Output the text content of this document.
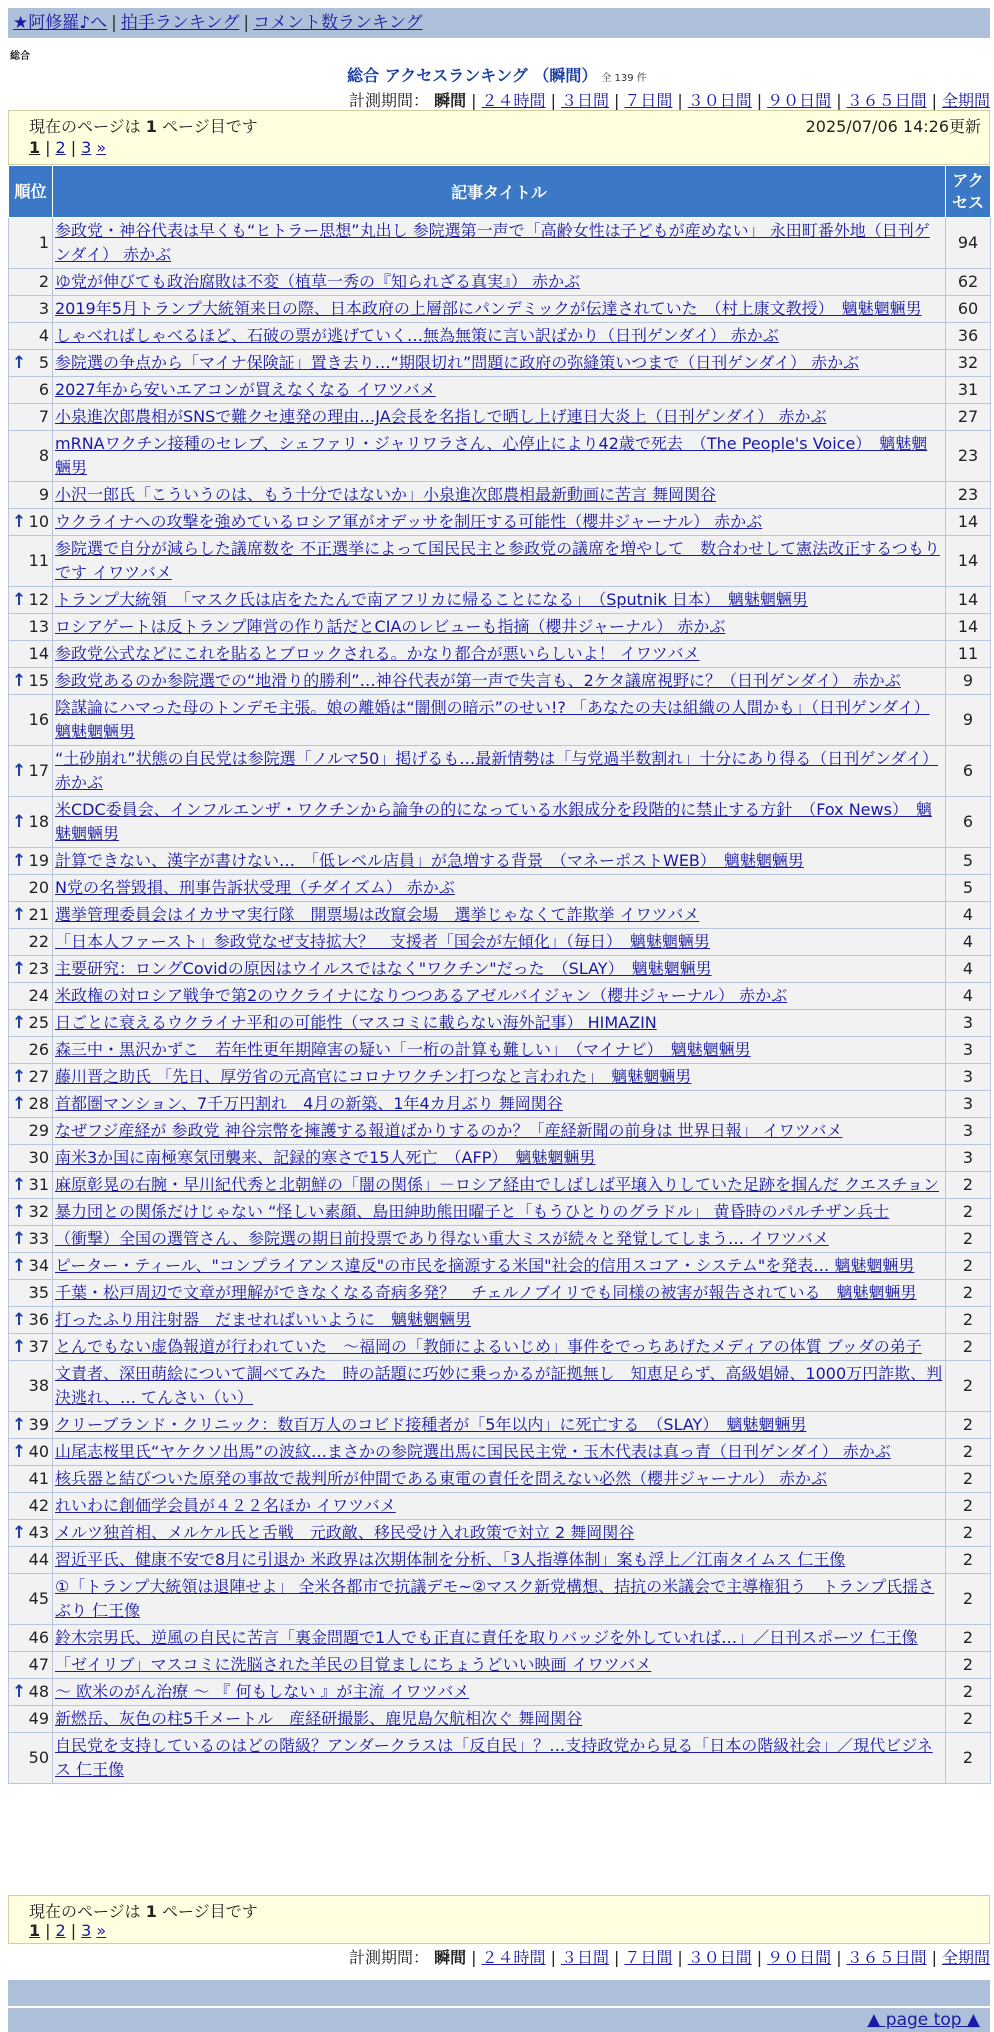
★阿修羅♪へ | 拍手ランキング | コメント数ランキング
総合
総合 アクセスランキング （瞬間） 全 139 件
計測期間： 瞬間 | ２４時間 | ３日間 | ７日間 | ３０日間 | ９０日間 | ３６５日間 | 全期間
現在のページは 1 ページ目です	2025/07/06 14:26更新
1 | 2 | 3 »
順位	記事タイトル	アクセス
1	参政党・神谷代表は早くも“ヒトラー思想”丸出し 参院選第一声で「高齢女性は子どもが産めない」 永田町番外地（日刊ゲンダイ） 赤かぶ	94
2	ゆ党が伸びても政治腐敗は不変（植草一秀の『知られざる真実』） 赤かぶ	62
3	2019年5月トランプ大統領来日の際、日本政府の上層部にパンデミックが伝達されていた　（村上康文教授）　魑魅魍魎男	60
4	しゃべればしゃべるほど、石破の票が逃げていく…無為無策に言い訳ばかり（日刊ゲンダイ） 赤かぶ	36

↑ 5	参院選の争点から「マイナ保険証」置き去り…“期限切れ”問題に政府の弥縫策いつまで（日刊ゲンダイ） 赤かぶ	32
6	2027年から安いエアコンが買えなくなる イワツバメ	31
7	小泉進次郎農相がSNSで難クセ連発の理由…JA会長を名指しで晒し上げ連日大炎上（日刊ゲンダイ） 赤かぶ	27
8	mRNAワクチン接種のセレブ、シェファリ・ジャリワラさん、心停止により42歳で死去　（The People's Voice）　魑魅魍魎男	23
9	小沢一郎氏「こういうのは、もう十分ではないか」小泉進次郎農相最新動画に苦言 舞岡関谷	23

↑ 10	ウクライナへの攻撃を強めているロシア軍がオデッサを制圧する可能性（櫻井ジャーナル） 赤かぶ	14
11	参院選で自分が減らした議席数を 不正選挙によって国民民主と参政党の議席を増やして　数合わせして憲法改正するつもりです イワツバメ	14

↑ 12	トランプ大統領　「マスク氏は店をたたんで南アフリカに帰ることになる」　（Sputnik 日本）　魑魅魍魎男	14
13	ロシアゲートは反トランプ陣営の作り話だとCIAのレビューも指摘（櫻井ジャーナル） 赤かぶ	14
14	参政党公式などにこれを貼るとブロックされる。かなり都合が悪いらしいよ！ イワツバメ	11

↑ 15	参政党あるのか参院選での“地滑り的勝利”…神谷代表が第一声で失言も、2ケタ議席視野に？（日刊ゲンダイ） 赤かぶ	9
16	陰謀論にハマった母のトンデモ主張。娘の離婚は“闇側の暗示”のせい!? 「あなたの夫は組織の人間かも」（日刊ゲンダイ） 魑魅魍魎男	9

↑ 17	“土砂崩れ”状態の自民党は参院選「ノルマ50」掲げるも…最新情勢は「与党過半数割れ」十分にあり得る（日刊ゲンダイ） 赤かぶ	6

↑ 18	米CDC委員会、インフルエンザ・ワクチンから論争の的になっている水銀成分を段階的に禁止する方針　（Fox News）　魑魅魍魎男	6

↑ 19	計算できない、漢字が書けない…　「低レベル店員」が急増する背景　（マネーポストWEB）　魑魅魍魎男	5
20	N党の名誉毀損、刑事告訴状受理（チダイズム） 赤かぶ	5

↑ 21	選挙管理委員会はイカサマ実行隊　開票場は改竄会場　選挙じゃなくて詐欺挙 イワツバメ	4
22	「日本人ファースト」参政党なぜ支持拡大？　支援者「国会が左傾化」（毎日）　魑魅魍魎男	4

↑ 23	主要研究：ロングCovidの原因はウイルスではなく"ワクチン"だった　（SLAY）　魑魅魍魎男	4
24	米政権の対ロシア戦争で第2のウクライナになりつつあるアゼルバイジャン（櫻井ジャーナル） 赤かぶ	4

↑ 25	日ごとに衰えるウクライナ平和の可能性（マスコミに載らない海外記事） HIMAZIN	3
26	森三中・黒沢かずこ　若年性更年期障害の疑い「一桁の計算も難しい」　（マイナビ）　魑魅魍魎男	3

↑ 27	藤川晋之助氏 「先日、厚労省の元高官にコロナワクチン打つなと言われた」　魑魅魍魎男	3

↑ 28	首都圏マンション、7千万円割れ　4月の新築、1年4カ月ぶり 舞岡関谷	3
29	なぜフジ産経が 参政党 神谷宗幣を擁護する報道ばかりするのか？「産経新聞の前身は 世界日報」 イワツバメ	3
30	南米3か国に南極寒気団襲来、記録的寒さで15人死亡　（AFP）　魑魅魍魎男	3

↑ 31	麻原彰晃の右腕・早川紀代秀と北朝鮮の「闇の関係」－ロシア経由でしばしば平壌入りしていた足跡を掴んだ クエスチョン	2

↑ 32	暴力団との関係だけじゃない “怪しい素顔、島田紳助熊田曜子と「もうひとりのグラドル」 黄昏時のパルチザン兵士	2

↑ 33	（衝撃）全国の選管さん、参院選の期日前投票であり得ない重大ミスが続々と発覚してしまう… イワツバメ	2

↑ 34	ピーター・ティール、"コンプライアンス違反"の市民を摘源する米国"社会的信用スコア・システム"を発表… 魑魅魍魎男	2
35	千葉・松戸周辺で文章が理解ができなくなる奇病多発？　チェルノブイリでも同様の被害が報告されている　魑魅魍魎男	2

↑ 36	打ったふり用注射器　だませればいいように　魑魅魍魎男	2

↑ 37	とんでもない虚偽報道が行われていた　～福岡の「教師によるいじめ」事件をでっちあげたメディアの体質 ブッダの弟子	2
38	文責者、深田萌絵について調べてみた　時の話題に巧妙に乗っかるが証拠無し　知恵足らず、高級娼婦、1000万円詐欺、判決逃れ、… てんさい（い）	2

↑ 39	クリーブランド・クリニック：数百万人のコビド接種者が「5年以内」に死亡する　（SLAY）　魑魅魍魎男	2

↑ 40	山尾志桜里氏“ヤケクソ出馬”の波紋…まさかの参院選出馬に国民民主党・玉木代表は真っ青（日刊ゲンダイ） 赤かぶ	2
41	核兵器と結びついた原発の事故で裁判所が仲間である東電の責任を問えない必然（櫻井ジャーナル） 赤かぶ	2
42	れいわに創価学会員が４２２名ほか イワツバメ	2

↑ 43	メルツ独首相、メルケル氏と舌戦　元政敵、移民受け入れ政策で対立 2 舞岡関谷	2
44	習近平氏、健康不安で8月に引退か 米政界は次期体制を分析、「3人指導体制」案も浮上／江南タイムス 仁王像	2
45	①「トランプ大統領は退陣せよ」 全米各都市で抗議デモ~②マスク新党構想、拮抗の米議会で主導権狙う　トランプ氏揺さぶり 仁王像	2
46	鈴木宗男氏、逆風の自民に苦言「裏金問題で1人でも正直に責任を取りバッジを外していれば…」／日刊スポーツ 仁王像	2
47	「ゼイリブ」マスコミに洗脳された羊民の目覚ましにちょうどいい映画 イワツバメ	2

↑ 48	～ 欧米のがん治療 ～ 『 何もしない 』が主流 イワツバメ	2
49	新燃岳、灰色の柱5千メートル　産経研撮影、鹿児島欠航相次ぐ 舞岡関谷	2
50	自民党を支持しているのはどの階級？アンダークラスは「反自民」？…支持政党から見る「日本の階級社会」／現代ビジネス 仁王像	2
現在のページは 1 ページ目です
1 | 2 | 3 »
計測期間： 瞬間 | ２４時間 | ３日間 | ７日間 | ３０日間 | ９０日間 | ３６５日間 | 全期間
▲ page top ▲
